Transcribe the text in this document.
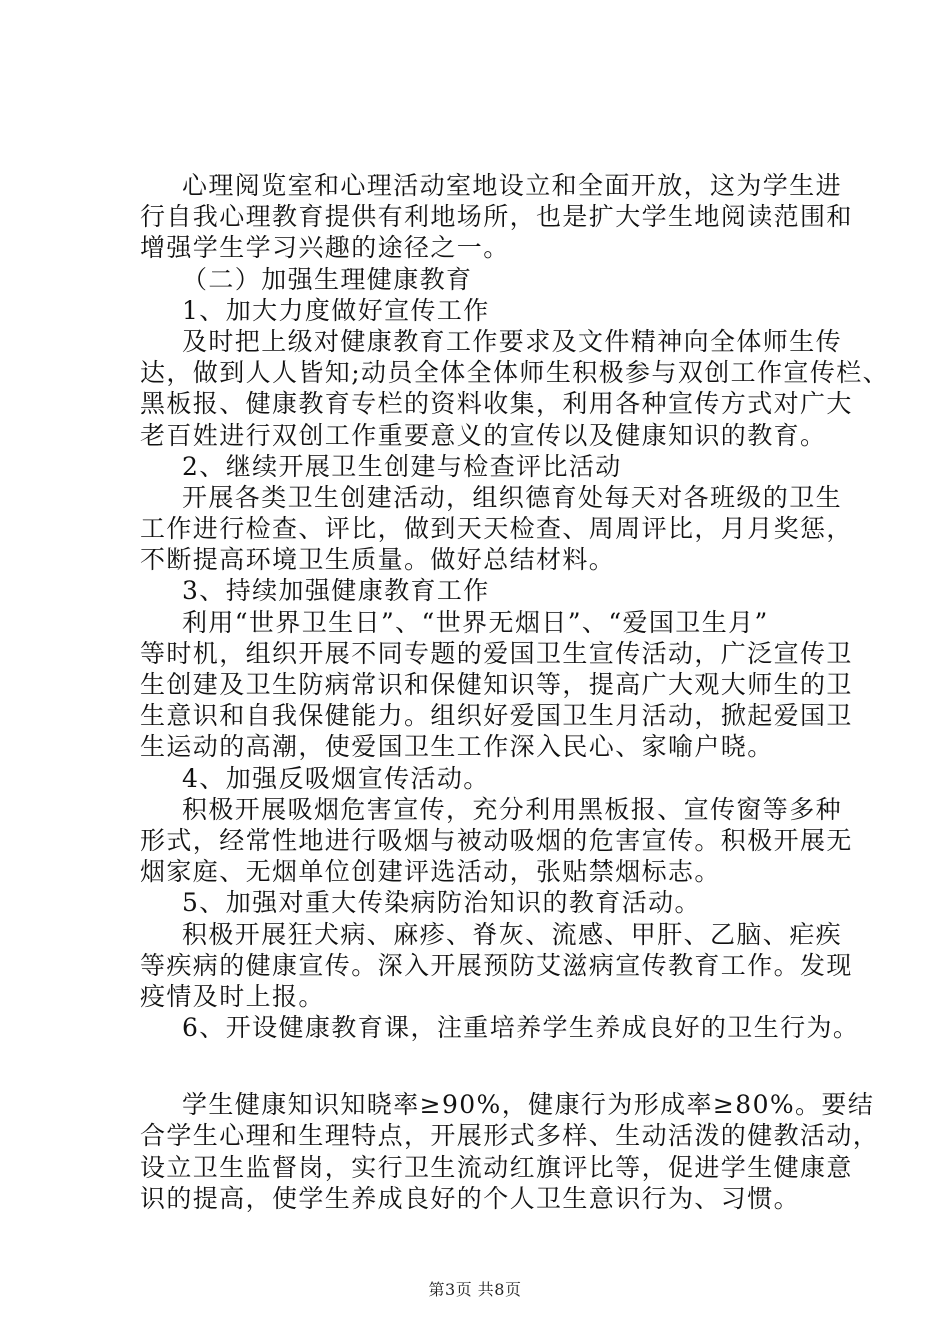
心理阅览室和心理活动室地设立和全面开放，这为学生进
行自我心理教育提供有利地场所，也是扩大学生地阅读范围和
增强学生学习兴趣的途径之一。
（二）加强生理健康教育
1、加大力度做好宣传工作
及时把上级对健康教育工作要求及文件精神向全体师生传
达，做到人人皆知;动员全体全体师生积极参与双创工作宣传栏、
黑板报、健康教育专栏的资料收集，利用各种宣传方式对广大
老百姓进行双创工作重要意义的宣传以及健康知识的教育。
2、继续开展卫生创建与检查评比活动
开展各类卫生创建活动，组织德育处每天对各班级的卫生
工作进行检查、评比，做到天天检查、周周评比，月月奖惩，
不断提高环境卫生质量。做好总结材料。
3、持续加强健康教育工作
利用“世界卫生日”、“世界无烟日”、“爱国卫生月”
等时机，组织开展不同专题的爱国卫生宣传活动，广泛宣传卫
生创建及卫生防病常识和保健知识等，提高广大观大师生的卫
生意识和自我保健能力。组织好爱国卫生月活动，掀起爱国卫
生运动的高潮，使爱国卫生工作深入民心、家喻户晓。
4、加强反吸烟宣传活动。
积极开展吸烟危害宣传，充分利用黑板报、宣传窗等多种
形式，经常性地进行吸烟与被动吸烟的危害宣传。积极开展无
烟家庭、无烟单位创建评选活动，张贴禁烟标志。
5、加强对重大传染病防治知识的教育活动。
积极开展狂犬病、麻疹、脊灰、流感、甲肝、乙脑、疟疾
等疾病的健康宣传。深入开展预防艾滋病宣传教育工作。发现
疫情及时上报。
6、开设健康教育课，注重培养学生养成良好的卫生行为。
学生健康知识知晓率≥90%，健康行为形成率≥80%。要结
合学生心理和生理特点，开展形式多样、生动活泼的健教活动，
设立卫生监督岗，实行卫生流动红旗评比等，促进学生健康意
识的提高，使学生养成良好的个人卫生意识行为、习惯。
第3页 共8页
